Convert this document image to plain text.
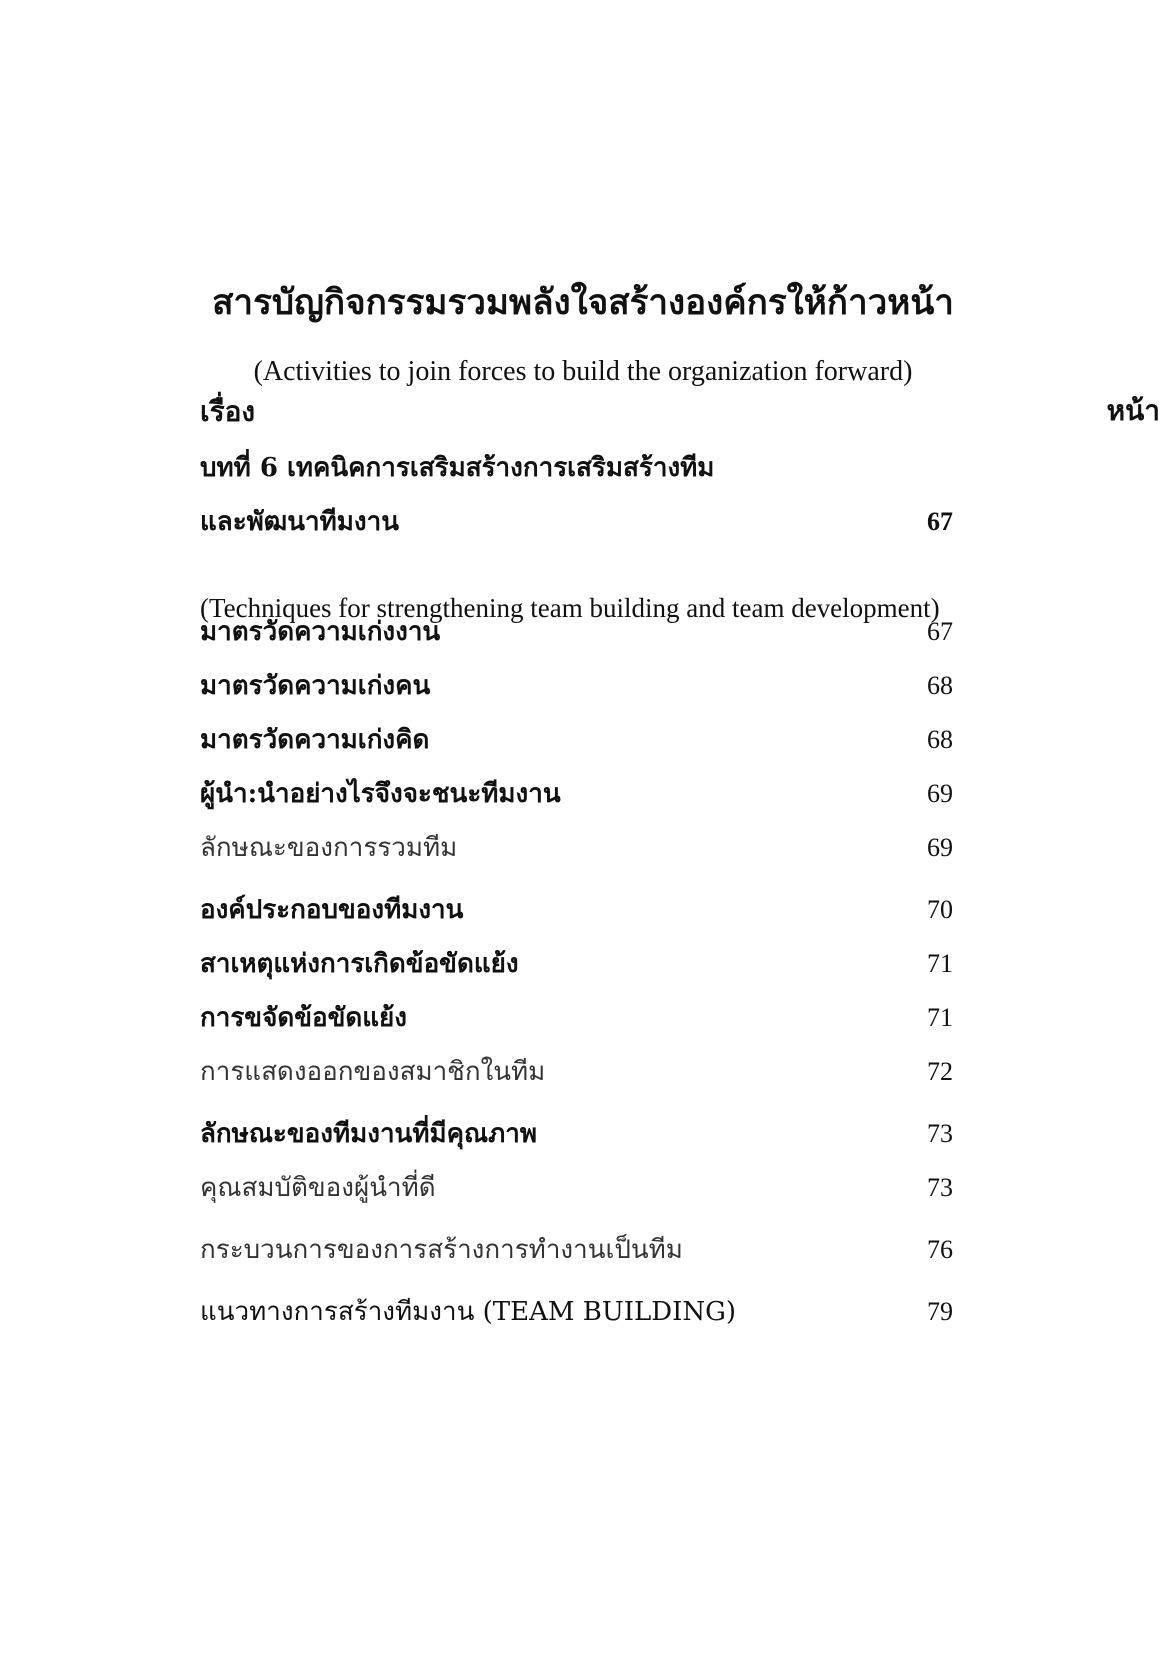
สารบัญกิจกรรมรวมพลังใจสร้างองค์กรให้ก้าวหน้า

(Activities to join forces to build the organization forward)

เรื่อง	หน้า
บทที่ 6 เทคนิคการเสริมสร้างการเสริมสร้างทีม
และพัฒนาทีมงาน	67
(Techniques for strengthening team building and team development)
มาตรวัดความเก่งงาน	67
มาตรวัดความเก่งคน	68
มาตรวัดความเก่งคิด	68
ผู้นำ:นำอย่างไรจึงจะชนะทีมงาน	69
ลักษณะของการรวมทีม	69
องค์ประกอบของทีมงาน	70
สาเหตุแห่งการเกิดข้อขัดแย้ง	71
การขจัดข้อขัดแย้ง	71
การแสดงออกของสมาชิกในทีม	72
ลักษณะของทีมงานที่มีคุณภาพ	73
คุณสมบัติของผู้นำที่ดี	73
กระบวนการของการสร้างการทำงานเป็นทีม	76
แนวทางการสร้างทีมงาน (TEAM BUILDING)	79
